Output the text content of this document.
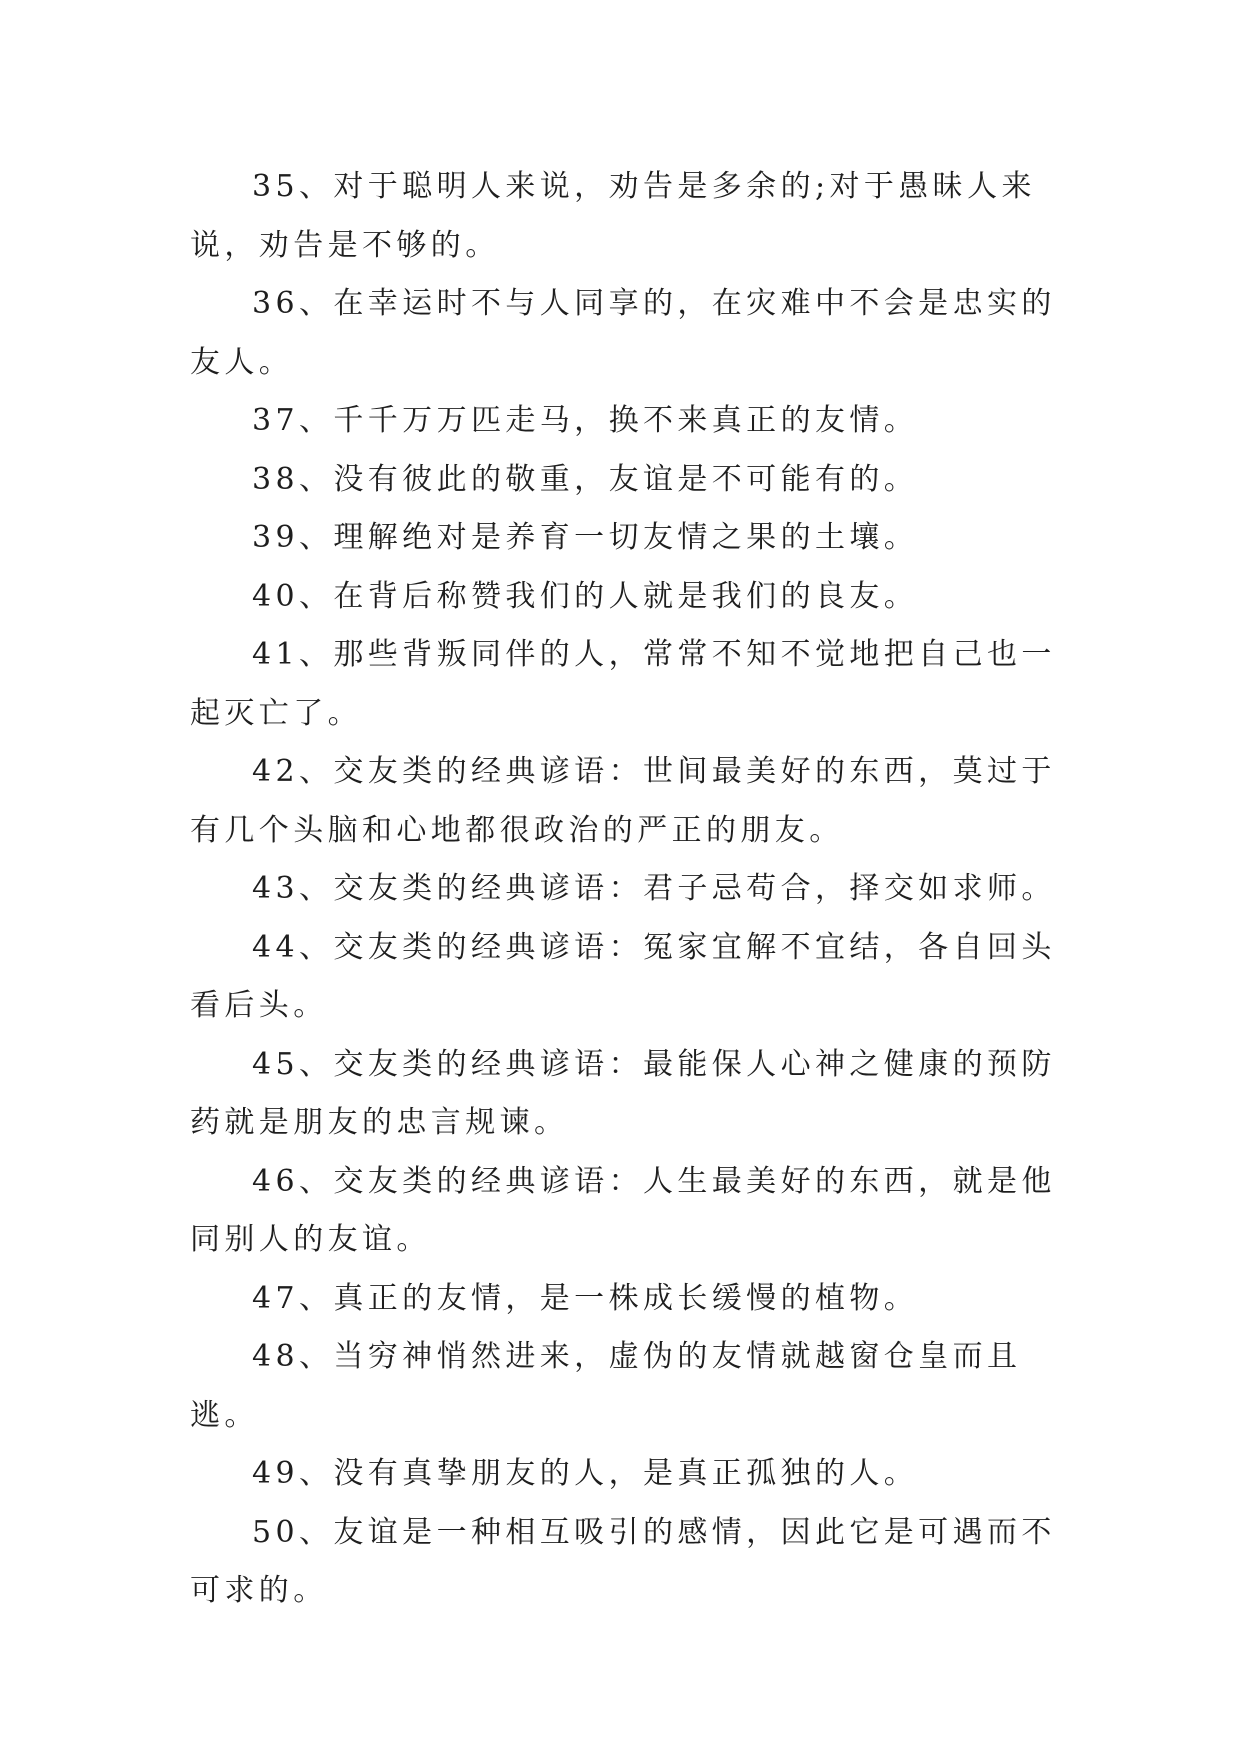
35、对于聪明人来说，劝告是多余的;对于愚昧人来说，劝告是不够的。

36、在幸运时不与人同享的，在灾难中不会是忠实的友人。

37、千千万万匹走马，换不来真正的友情。

38、没有彼此的敬重，友谊是不可能有的。

39、理解绝对是养育一切友情之果的土壤。

40、在背后称赞我们的人就是我们的良友。

41、那些背叛同伴的人，常常不知不觉地把自己也一起灭亡了。

42、交友类的经典谚语：世间最美好的东西，莫过于有几个头脑和心地都很政治的严正的朋友。

43、交友类的经典谚语：君子忌苟合，择交如求师。

44、交友类的经典谚语：冤家宜解不宜结，各自回头看后头。

45、交友类的经典谚语：最能保人心神之健康的预防药就是朋友的忠言规谏。

46、交友类的经典谚语：人生最美好的东西，就是他同别人的友谊。

47、真正的友情，是一株成长缓慢的植物。

48、当穷神悄然进来，虚伪的友情就越窗仓皇而且逃。

49、没有真挚朋友的人，是真正孤独的人。

50、友谊是一种相互吸引的感情，因此它是可遇而不可求的。
